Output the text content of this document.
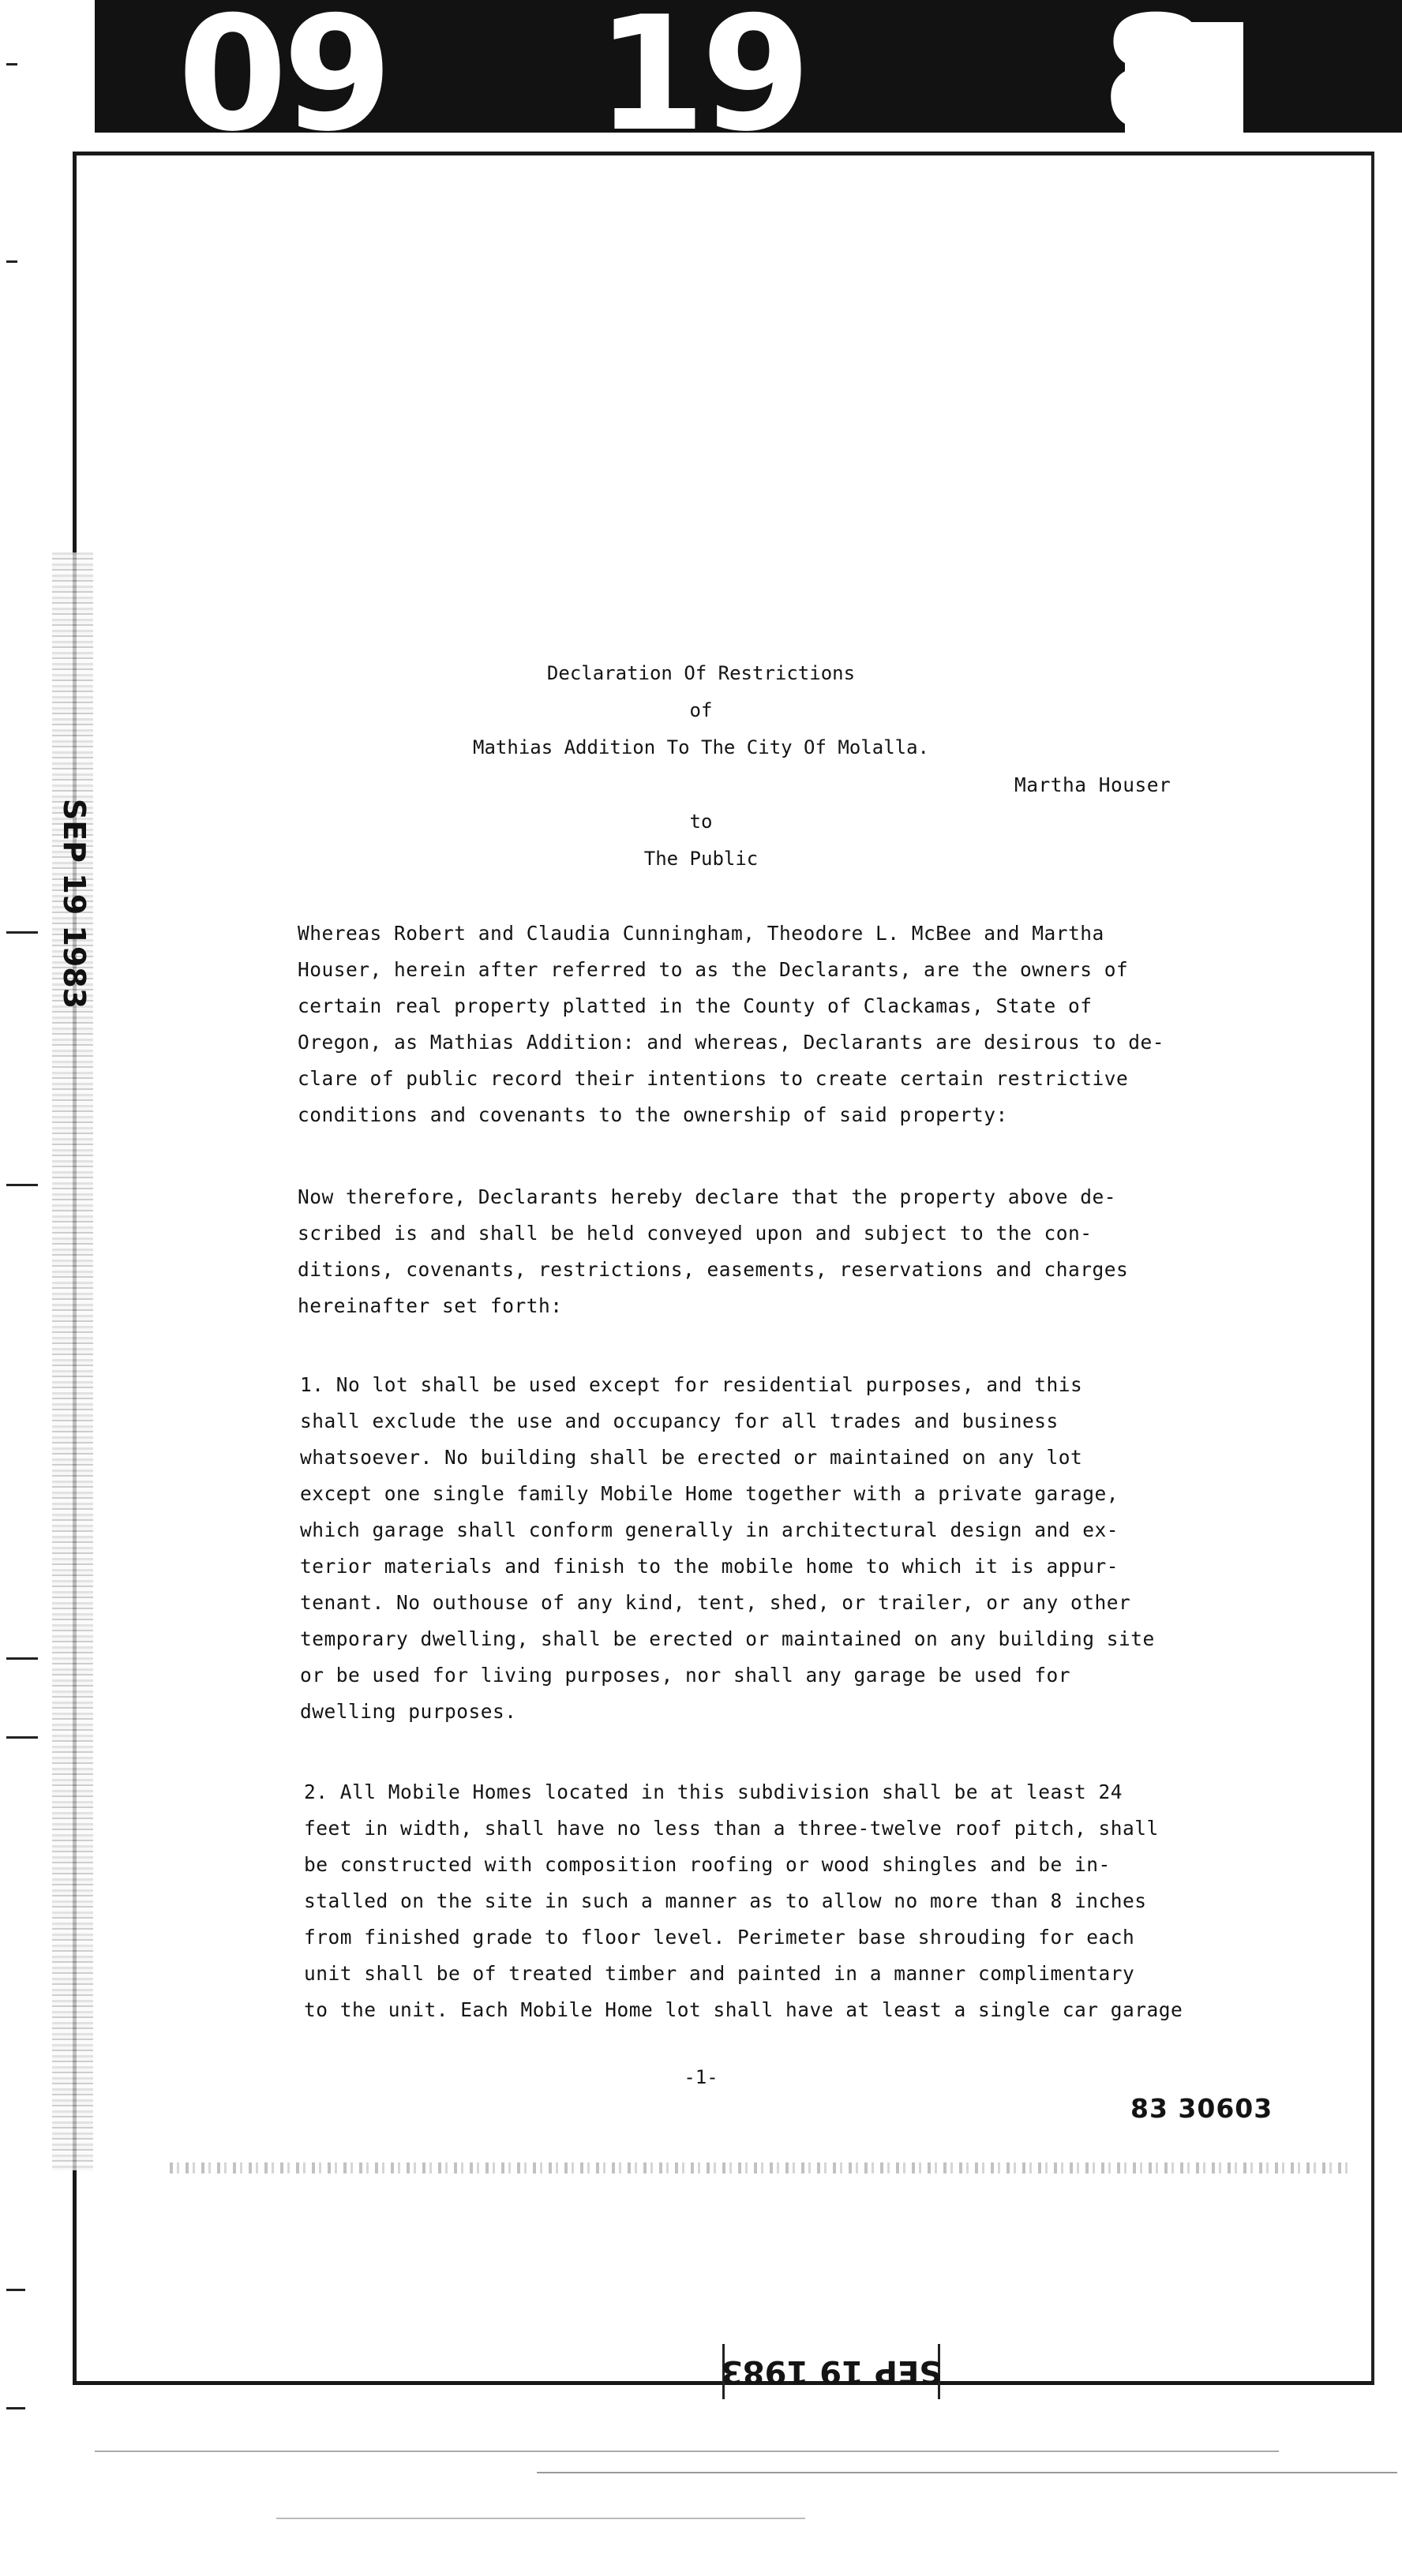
09 19 8
SEP 19 1983
Declaration Of Restrictions
of
Mathias Addition To The City Of Molalla.
Martha Houser
to
The Public
Whereas Robert and Claudia Cunningham, Theodore L. McBee and Martha
Houser, herein after referred to as the Declarants, are the owners of
certain real property platted in the County of Clackamas, State of
Oregon, as Mathias Addition: and whereas, Declarants are desirous to de-
clare of public record their intentions to create certain restrictive
conditions and covenants to the ownership of said property:
Now therefore, Declarants hereby declare that the property above de-
scribed is and shall be held conveyed upon and subject to the con-
ditions, covenants, restrictions, easements, reservations and charges
hereinafter set forth:
1. No lot shall be used except for residential purposes, and this
shall exclude the use and occupancy for all trades and business
whatsoever. No building shall be erected or maintained on any lot
except one single family Mobile Home together with a private garage,
which garage shall conform generally in architectural design and ex-
terior materials and finish to the mobile home to which it is appur-
tenant. No outhouse of any kind, tent, shed, or trailer, or any other
temporary dwelling, shall be erected or maintained on any building site
or be used for living purposes, nor shall any garage be used for
dwelling purposes.
2. All Mobile Homes located in this subdivision shall be at least 24
feet in width, shall have no less than a three-twelve roof pitch, shall
be constructed with composition roofing or wood shingles and be in-
stalled on the site in such a manner as to allow no more than 8 inches
from finished grade to floor level. Perimeter base shrouding for each
unit shall be of treated timber and painted in a manner complimentary
to the unit. Each Mobile Home lot shall have at least a single car garage
-1-
83 30603
SEP 19 1983
